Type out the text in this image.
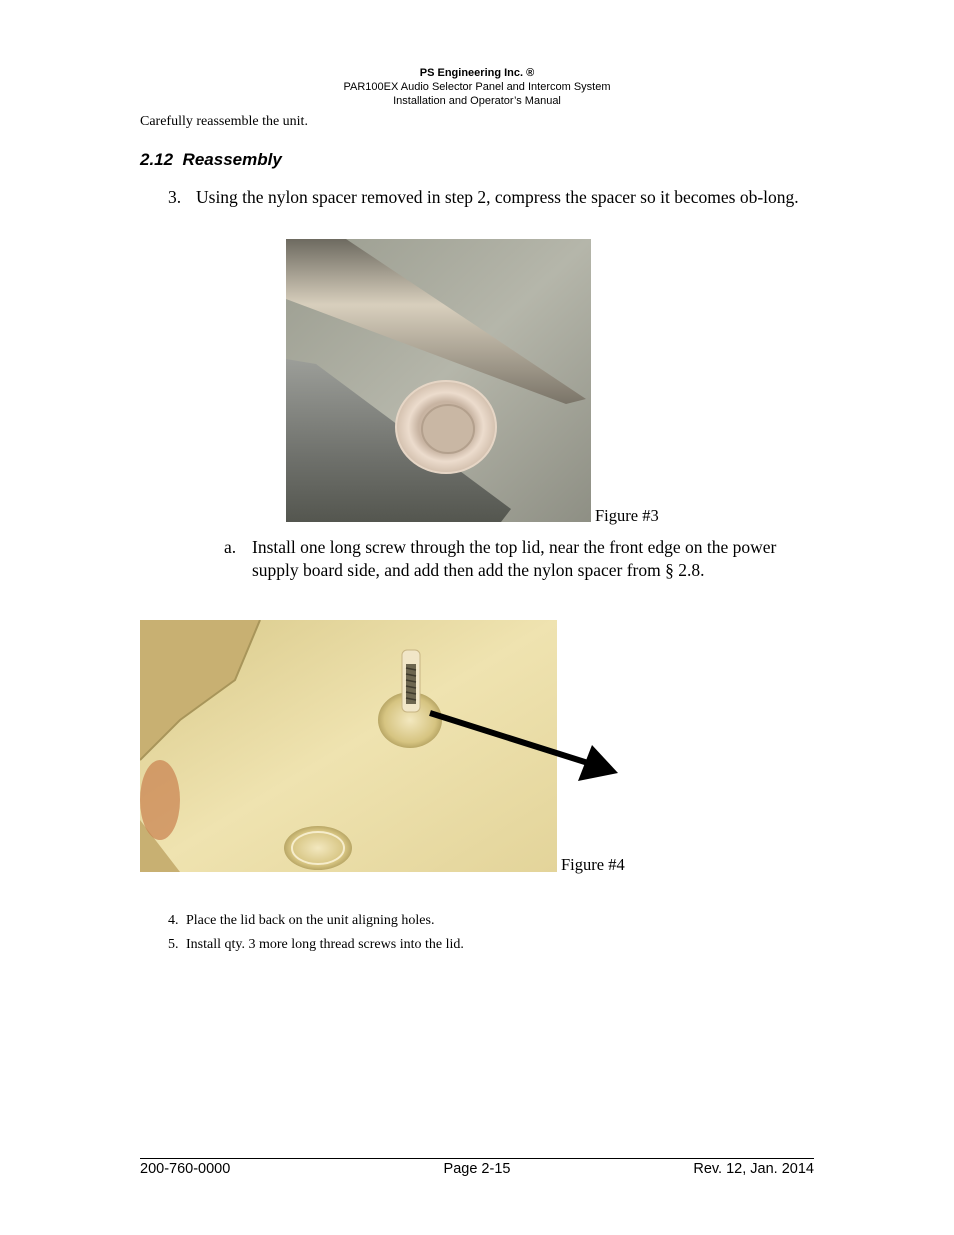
PS Engineering Inc. ®
PAR100EX Audio Selector Panel and Intercom System
Installation and Operator’s Manual
Carefully reassemble the unit.
2.12 Reassembly
3. Using the nylon spacer removed in step 2, compress the spacer so it becomes ob-long.
Figure #3
a. Install one long screw through the top lid, near the front edge on the power supply board side, and add then add the nylon spacer from § 2.8.
Figure #4
4. Place the lid back on the unit aligning holes.
5. Install qty. 3 more long thread screws into the lid.
200-760-0000	Page 2-15	Rev. 12, Jan. 2014
